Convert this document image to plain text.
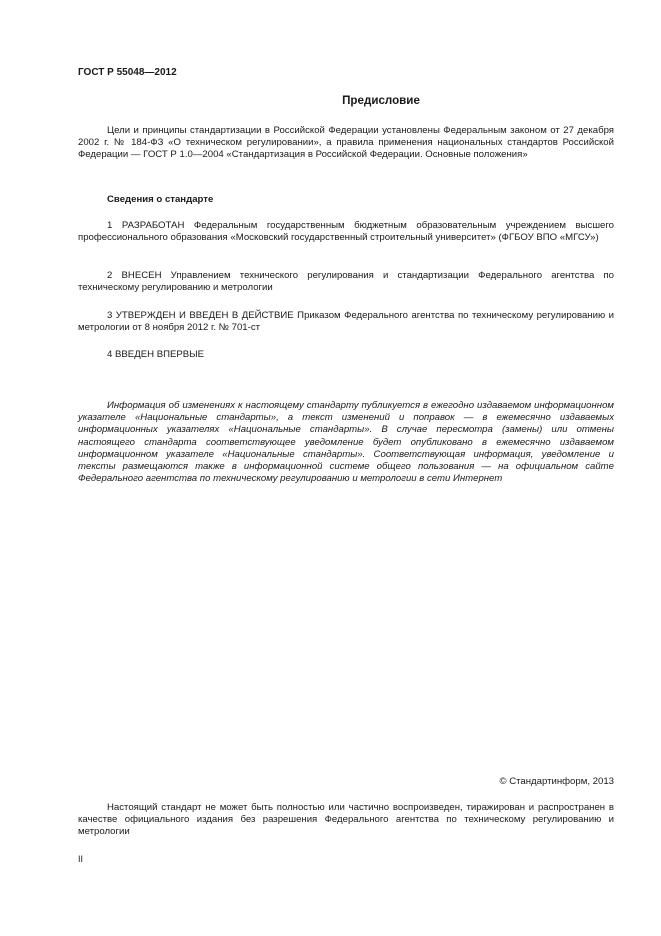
ГОСТ Р 55048—2012
Предисловие
Цели и принципы стандартизации в Российской Федерации установлены Федеральным законом от 27 декабря 2002 г. № 184-ФЗ «О техническом регулировании», а правила применения национальных стандартов Российской Федерации — ГОСТ Р 1.0—2004 «Стандартизация в Российской Федерации. Основные положения»
Сведения о стандарте
1 РАЗРАБОТАН Федеральным государственным бюджетным образовательным учреждением высшего профессионального образования «Московский государственный строительный университет» (ФГБОУ ВПО «МГСУ»)
2 ВНЕСЕН Управлением технического регулирования и стандартизации Федерального агентства по техническому регулированию и метрологии
3 УТВЕРЖДЕН И ВВЕДЕН В ДЕЙСТВИЕ Приказом Федерального агентства по техническому регулированию и метрологии от 8 ноября 2012 г. № 701-ст
4 ВВЕДЕН ВПЕРВЫЕ
Информация об изменениях к настоящему стандарту публикуется в ежегодно издаваемом информационном указателе «Национальные стандарты», а текст изменений и поправок — в ежемесячно издаваемых информационных указателях «Национальные стандарты». В случае пересмотра (замены) или отмены настоящего стандарта соответствующее уведомление будет опубликовано в ежемесячно издаваемом информационном указателе «Национальные стандарты». Соответствующая информация, уведомление и тексты размещаются также в информационной системе общего пользования — на официальном сайте Федерального агентства по техническому регулированию и метрологии в сети Интернет
© Стандартинформ, 2013
Настоящий стандарт не может быть полностью или частично воспроизведен, тиражирован и распространен в качестве официального издания без разрешения Федерального агентства по техническому регулированию и метрологии
II
